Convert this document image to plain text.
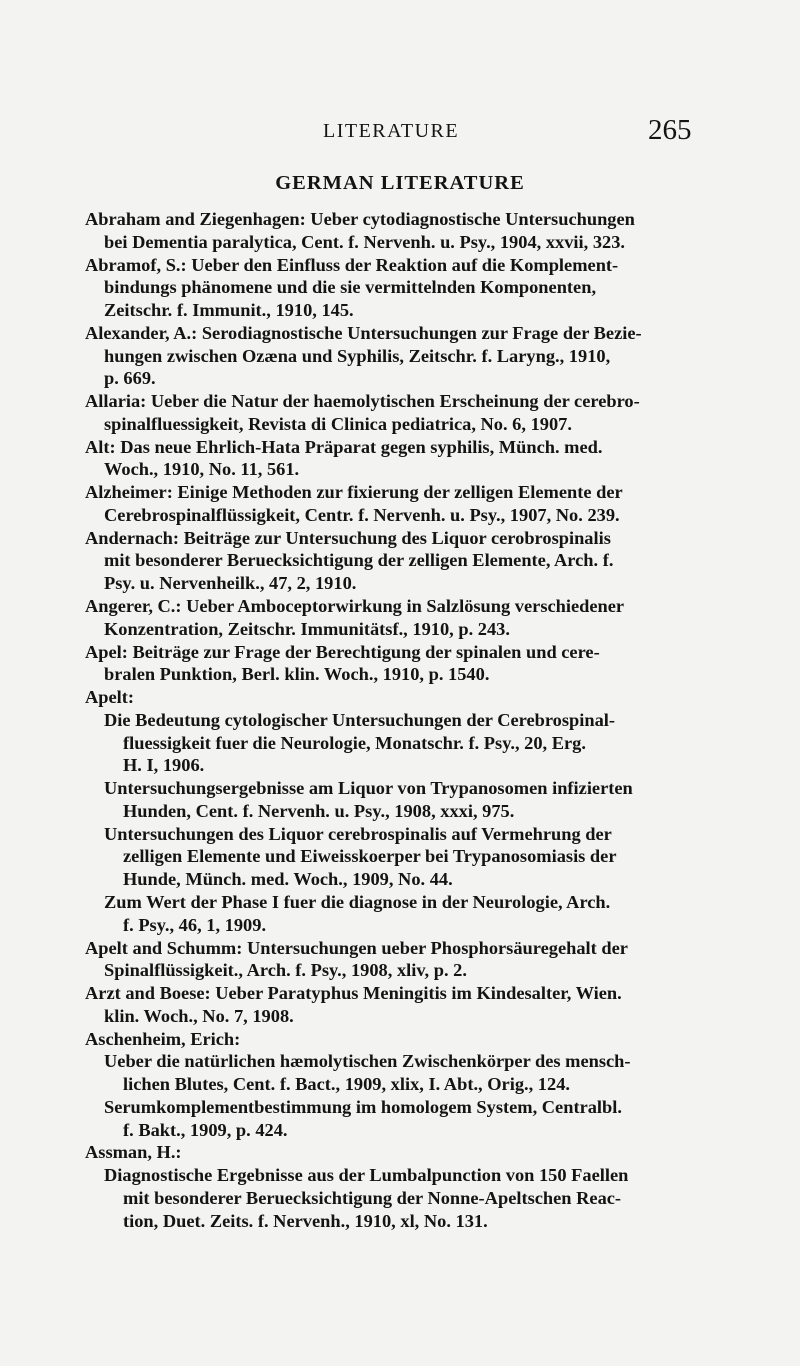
LITERATURE	265
GERMAN LITERATURE
Abraham and Ziegenhagen: Ueber cytodiagnostische Untersuchungen
bei Dementia paralytica, Cent. f. Nervenh. u. Psy., 1904, xxvii, 323.
Abramof, S.: Ueber den Einfluss der Reaktion auf die Komplement-
bindungs phänomene und die sie vermittelnden Komponenten,
Zeitschr. f. Immunit., 1910, 145.
Alexander, A.: Serodiagnostische Untersuchungen zur Frage der Bezie-
hungen zwischen Ozæna und Syphilis, Zeitschr. f. Laryng., 1910,
p. 669.
Allaria: Ueber die Natur der haemolytischen Erscheinung der cerebro-
spinalfluessigkeit, Revista di Clinica pediatrica, No. 6, 1907.
Alt: Das neue Ehrlich-Hata Präparat gegen syphilis, Münch. med.
Woch., 1910, No. 11, 561.
Alzheimer: Einige Methoden zur fixierung der zelligen Elemente der
Cerebrospinalflüssigkeit, Centr. f. Nervenh. u. Psy., 1907, No. 239.
Andernach: Beiträge zur Untersuchung des Liquor cerobrospinalis
mit besonderer Beruecksichtigung der zelligen Elemente, Arch. f.
Psy. u. Nervenheilk., 47, 2, 1910.
Angerer, C.: Ueber Amboceptorwirkung in Salzlösung verschiedener
Konzentration, Zeitschr. Immunitätsf., 1910, p. 243.
Apel: Beiträge zur Frage der Berechtigung der spinalen und cere-
bralen Punktion, Berl. klin. Woch., 1910, p. 1540.
Apelt:
Die Bedeutung cytologischer Untersuchungen der Cerebrospinal-
fluessigkeit fuer die Neurologie, Monatschr. f. Psy., 20, Erg.
H. I, 1906.
Untersuchungsergebnisse am Liquor von Trypanosomen infizierten
Hunden, Cent. f. Nervenh. u. Psy., 1908, xxxi, 975.
Untersuchungen des Liquor cerebrospinalis auf Vermehrung der
zelligen Elemente und Eiweisskoerper bei Trypanosomiasis der
Hunde, Münch. med. Woch., 1909, No. 44.
Zum Wert der Phase I fuer die diagnose in der Neurologie, Arch.
f. Psy., 46, 1, 1909.
Apelt and Schumm: Untersuchungen ueber Phosphorsäuregehalt der
Spinalflüssigkeit., Arch. f. Psy., 1908, xliv, p. 2.
Arzt and Boese: Ueber Paratyphus Meningitis im Kindesalter, Wien.
klin. Woch., No. 7, 1908.
Aschenheim, Erich:
Ueber die natürlichen hæmolytischen Zwischenkörper des mensch-
lichen Blutes, Cent. f. Bact., 1909, xlix, I. Abt., Orig., 124.
Serumkomplementbestimmung im homologem System, Centralbl.
f. Bakt., 1909, p. 424.
Assman, H.:
Diagnostische Ergebnisse aus der Lumbalpunction von 150 Faellen
mit besonderer Beruecksichtigung der Nonne-Apeltschen Reac-
tion, Duet. Zeits. f. Nervenh., 1910, xl, No. 131.
